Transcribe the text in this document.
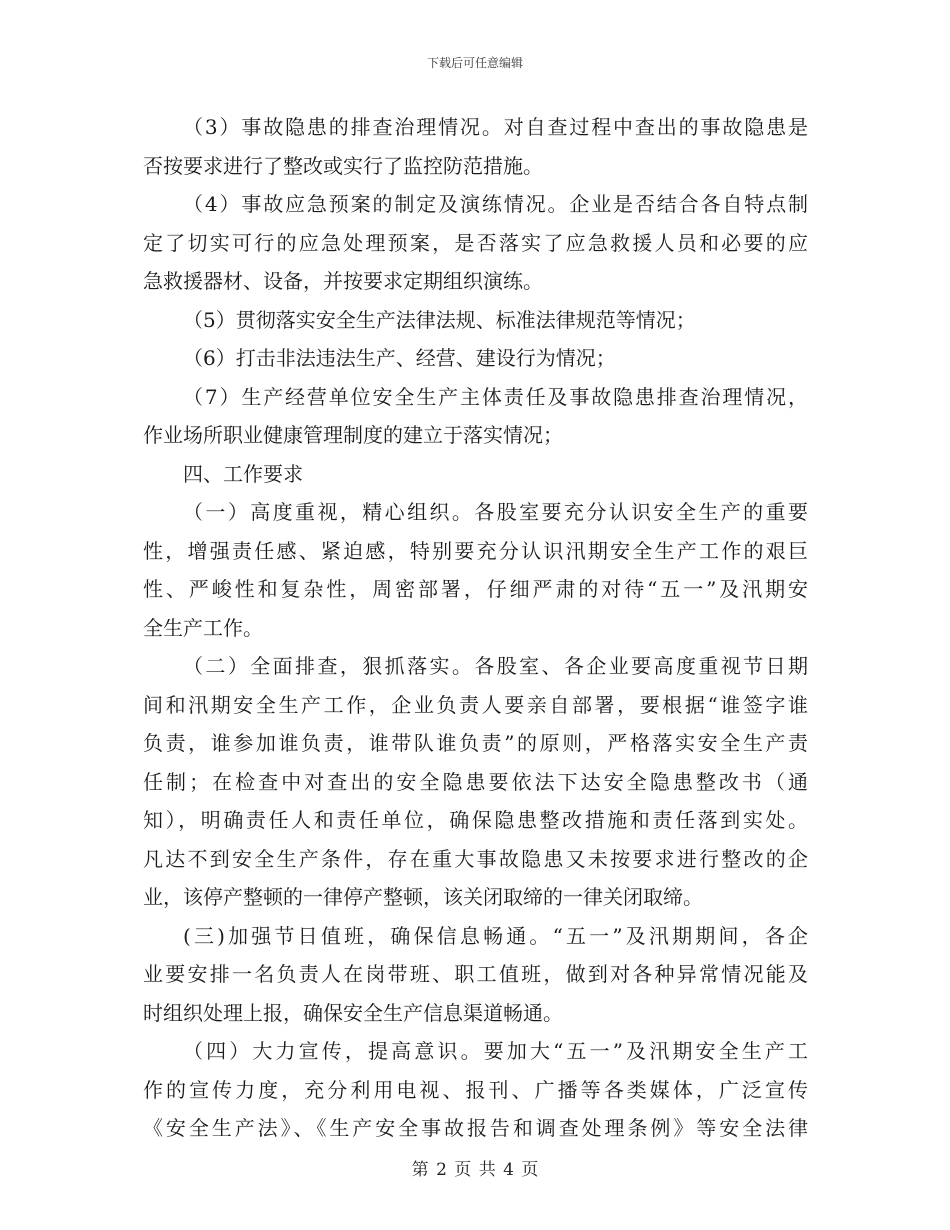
下载后可任意编辑
（3）事故隐患的排查治理情况。对自查过程中查出的事故隐患是
否按要求进行了整改或实行了监控防范措施。
（4）事故应急预案的制定及演练情况。企业是否结合各自特点制
定了切实可行的应急处理预案，是否落实了应急救援人员和必要的应
急救援器材、设备，并按要求定期组织演练。
（5）贯彻落实安全生产法律法规、标准法律规范等情况；
（6）打击非法违法生产、经营、建设行为情况；
（7）生产经营单位安全生产主体责任及事故隐患排查治理情况，
作业场所职业健康管理制度的建立于落实情况；
四、工作要求
（一）高度重视，精心组织。各股室要充分认识安全生产的重要
性，增强责任感、紧迫感，特别要充分认识汛期安全生产工作的艰巨
性、严峻性和复杂性，周密部署，仔细严肃的对待“五一”及汛期安
全生产工作。
（二）全面排查，狠抓落实。各股室、各企业要高度重视节日期
间和汛期安全生产工作，企业负责人要亲自部署，要根据“谁签字谁
负责，谁参加谁负责，谁带队谁负责”的原则，严格落实安全生产责
任制；在检查中对查出的安全隐患要依法下达安全隐患整改书（通
知），明确责任人和责任单位，确保隐患整改措施和责任落到实处。
凡达不到安全生产条件，存在重大事故隐患又未按要求进行整改的企
业，该停产整顿的一律停产整顿，该关闭取缔的一律关闭取缔。
(三)加强节日值班，确保信息畅通。“五一”及汛期期间，各企
业要安排一名负责人在岗带班、职工值班，做到对各种异常情况能及
时组织处理上报，确保安全生产信息渠道畅通。
（四）大力宣传，提高意识。要加大“五一”及汛期安全生产工
作的宣传力度，充分利用电视、报刊、广播等各类媒体，广泛宣传
《安全生产法》、《生产安全事故报告和调查处理条例》等安全法律
第 2 页 共 4 页
